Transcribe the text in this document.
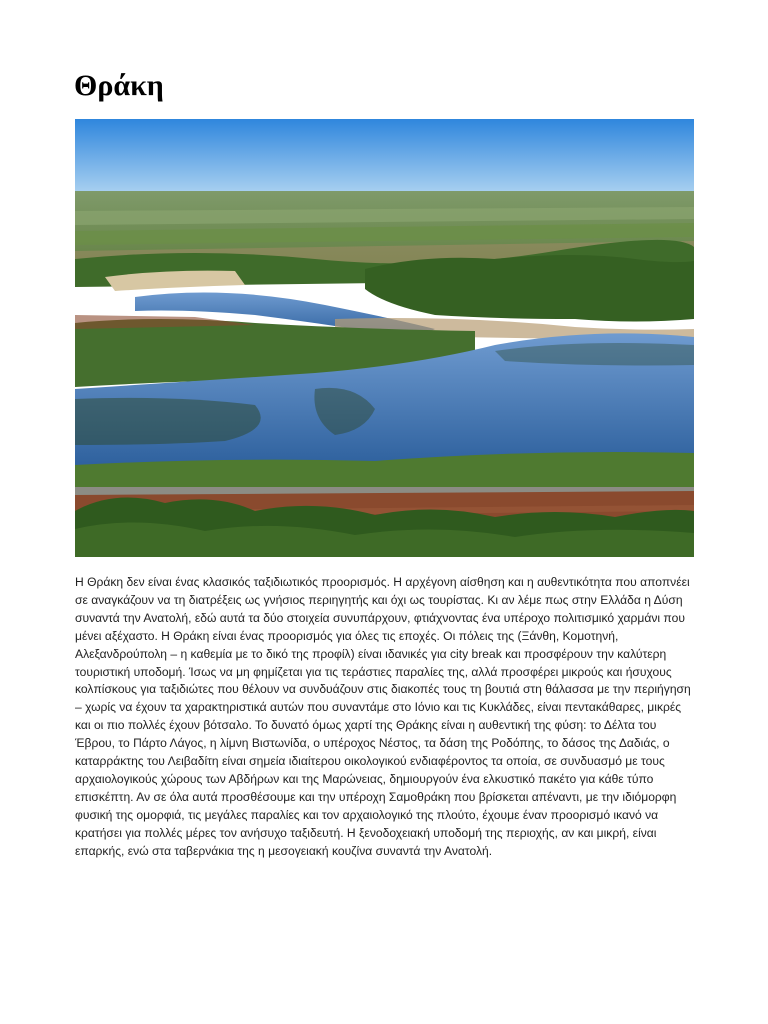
Θράκη

Η Θράκη δεν είναι ένας κλασικός ταξιδιωτικός προορισμός. Η αρχέγονη αίσθηση και η αυθεντικότητα που αποπνέει σε αναγκάζουν να τη διατρέξεις ως γνήσιος περιηγητής και όχι ως τουρίστας. Κι αν λέμε πως στην Ελλάδα η Δύση συναντά την Ανατολή, εδώ αυτά τα δύο στοιχεία συνυπάρχουν, φτιάχνοντας ένα υπέροχο πολιτισμικό χαρμάνι που μένει αξέχαστο. Η Θράκη είναι ένας προορισμός για όλες τις εποχές. Οι πόλεις της (Ξάνθη, Κομοτηνή, Αλεξανδρούπολη – η καθεμία με το δικό της προφίλ) είναι ιδανικές για city break και προσφέρουν την καλύτερη τουριστική υποδομή. Ίσως να μη φημίζεται για τις τεράστιες παραλίες της, αλλά προσφέρει μικρούς και ήσυχους κολπίσκους για ταξιδιώτες που θέλουν να συνδυάζουν στις διακοπές τους τη βουτιά στη θάλασσα με την περιήγηση – χωρίς να έχουν τα χαρακτηριστικά αυτών που συναντάμε στο Ιόνιο και τις Κυκλάδες, είναι πεντακάθαρες, μικρές και οι πιο πολλές έχουν βότσαλο. Το δυνατό όμως χαρτί της Θράκης είναι η αυθεντική της φύση: το Δέλτα του Έβρου, το Πάρτο Λάγος, η λίμνη Βιστωνίδα, ο υπέροχος Νέστος, τα δάση της Ροδόπης, το δάσος της Δαδιάς, ο καταρράκτης του Λειβαδίτη είναι σημεία ιδιαίτερου οικολογικού ενδιαφέροντος τα οποία, σε συνδυασμό με τους αρχαιολογικούς χώρους των Αβδήρων και της Μαρώνειας, δημιουργούν ένα ελκυστικό πακέτο για κάθε τύπο επισκέπτη. Αν σε όλα αυτά προσθέσουμε και την υπέροχη Σαμοθράκη που βρίσκεται απέναντι, με την ιδιόμορφη φυσική της ομορφιά, τις μεγάλες παραλίες και τον αρχαιολογικό της πλούτο, έχουμε έναν προορισμό ικανό να κρατήσει για πολλές μέρες τον ανήσυχο ταξιδευτή. Η ξενοδοχειακή υποδομή της περιοχής, αν και μικρή, είναι επαρκής, ενώ στα ταβερνάκια της η μεσογειακή κουζίνα συναντά την Ανατολή.
